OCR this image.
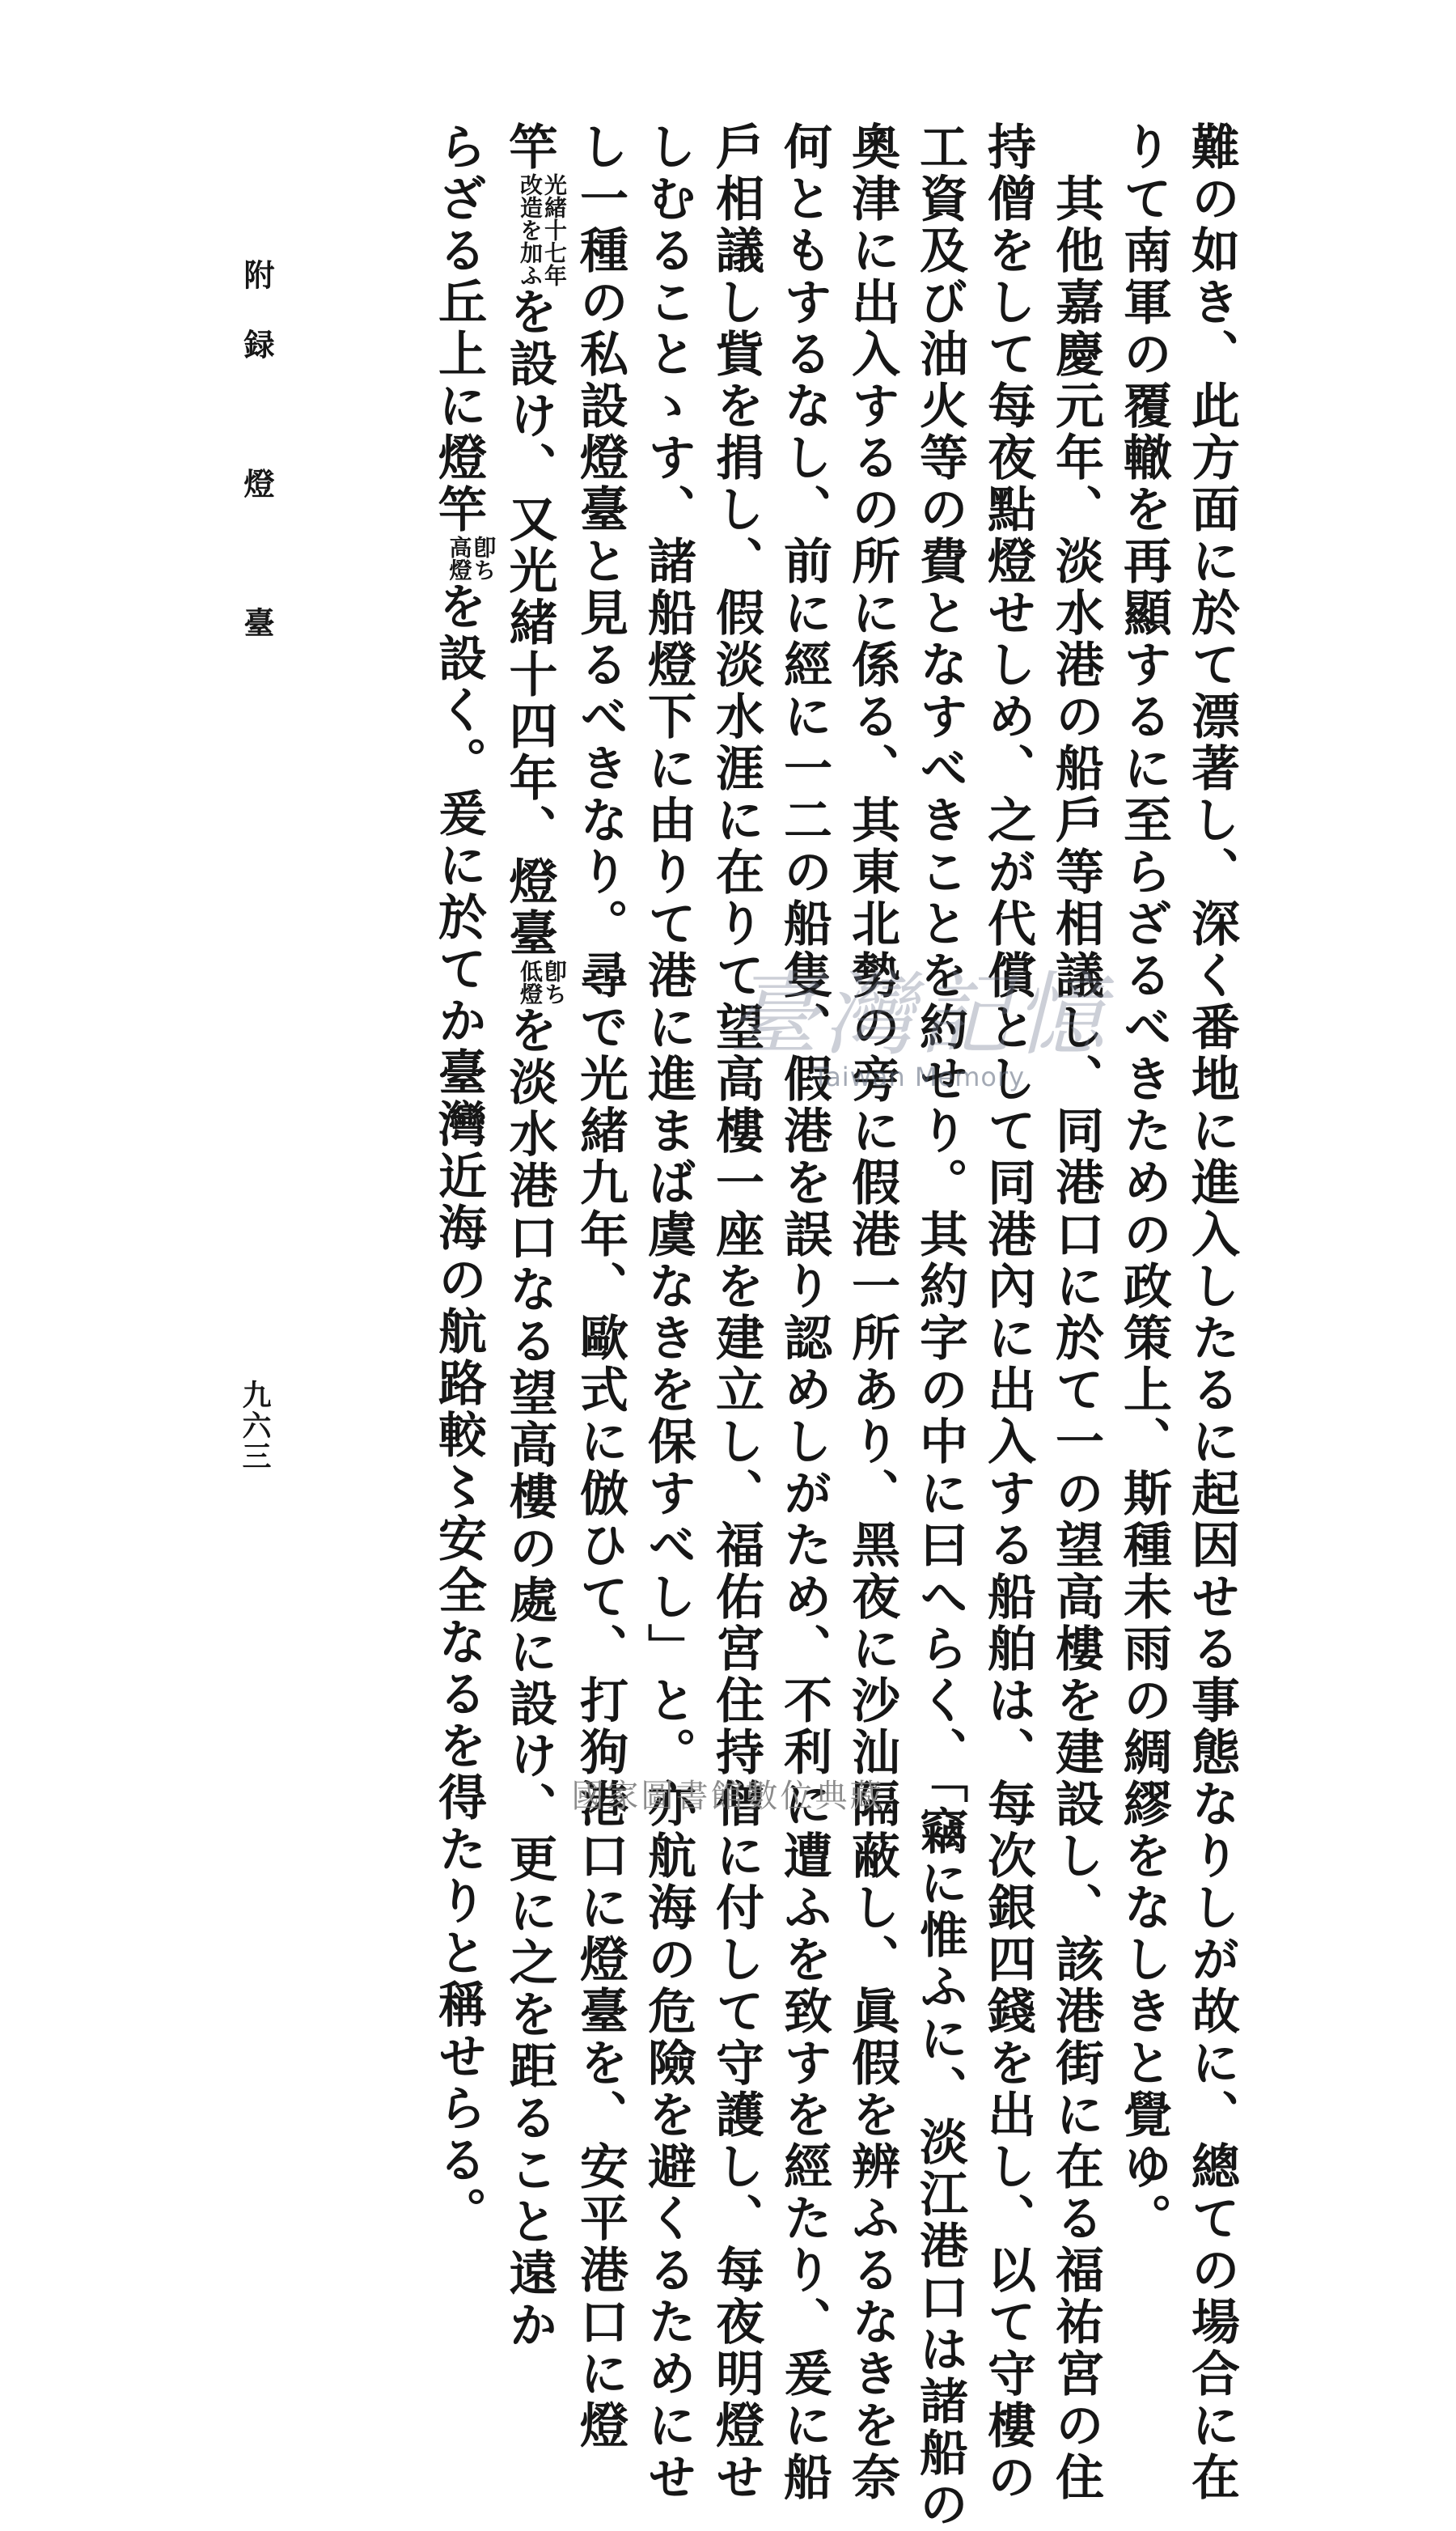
難の如き、此方面に於て漂著し、深く番地に進入したるに起因せる事態なりしが故に、總ての場合に在
りて南軍の覆轍を再顯するに至らざるべきための政策上、斯種未雨の綢繆をなしきと覺ゆ。
其他嘉慶元年、淡水港の船戶等相議し、同港口に於て一の望高樓を建設し、該港街に在る福祐宮の住
持僧をして每夜點燈せしめ、之が代償として同港內に出入する船舶は、每次銀四錢を出し、以て守樓の
工資及び油火等の費となすべきことを約せり。其約字の中に曰へらく、「竊に惟ふに、淡江港口は諸船の
奧津に出入するの所に係る、其東北勢の旁に假港一所あり、黑夜に沙汕隔蔽し、眞假を辨ふるなきを奈
何ともするなし、前に經に一二の船隻、假港を誤り認めしがため、不利に遭ふを致すを經たり、爰に船
戶相議し貲を捐し、假淡水涯に在りて望高樓一座を建立し、福佑宮住持僧に付して守護し、每夜明燈せ
しむることゝす、諸船燈下に由りて港に進まば虞なきを保すべし」と。亦航海の危險を避くるためにせ
し一種の私設燈臺と見るべきなり。尋で光緒九年、歐式に倣ひて、打狗港口に燈臺を、安平港口に燈
竿
光緒十七年
改造を加ふ
を設け、又光緒十四年、燈臺
卽ち
低燈
を淡水港口なる望高樓の處に設け、更に之を距ること遠か
らざる丘上に燈竿
卽ち
高燈
を設く。爰に於てか臺灣近海の航路較〻安全なるを得たりと稱せらる。
附録　燈　臺
九六三
臺灣記憶
Taiwan Memory
國家圖書館數位典藏
